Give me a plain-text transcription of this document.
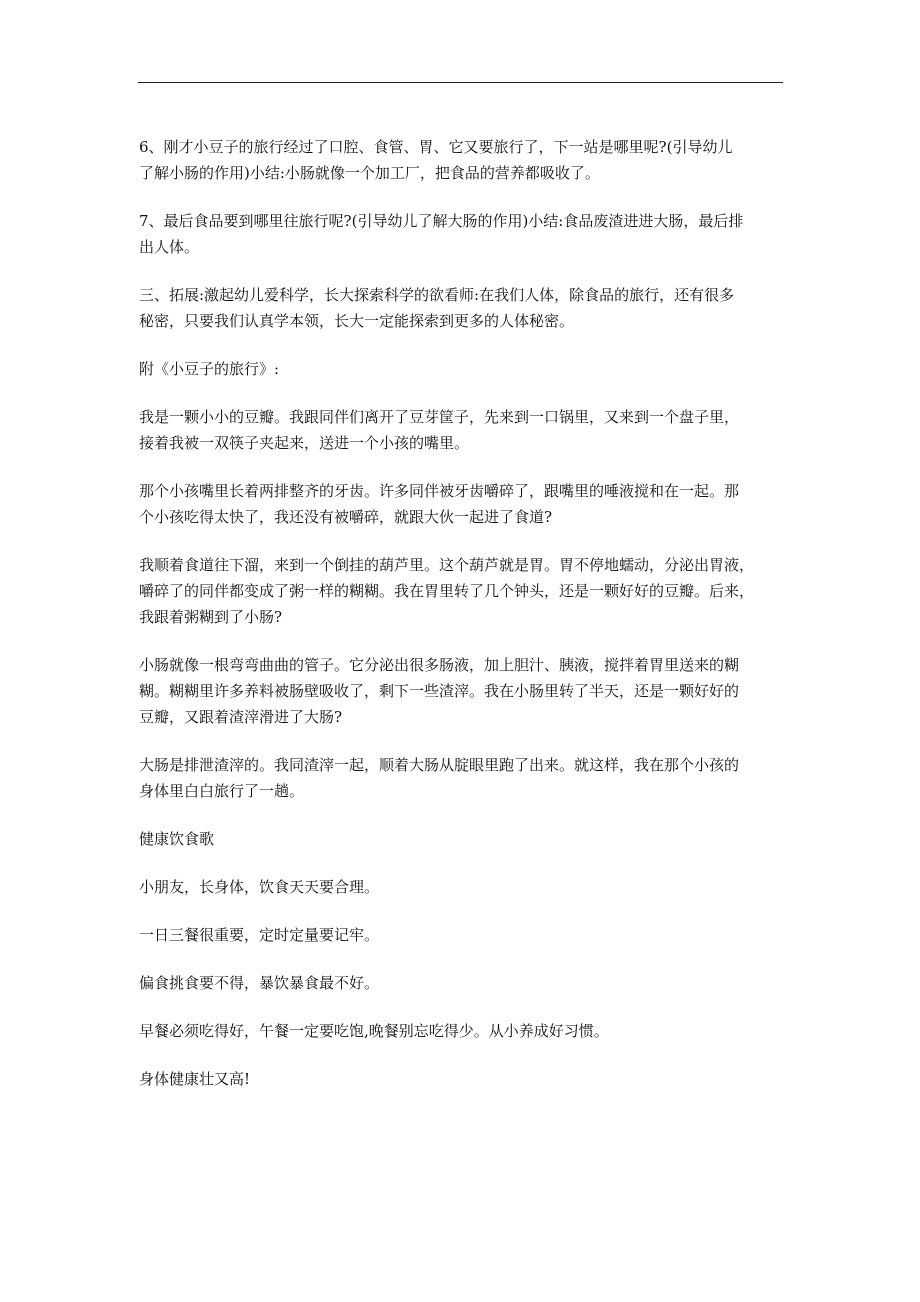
6、刚才小豆子的旅行经过了口腔、食管、胃、它又要旅行了，下一站是哪里呢?(引导幼儿
了解小肠的作用)小结:小肠就像一个加工厂，把食品的营养都吸收了。

7、最后食品要到哪里往旅行呢?(引导幼儿了解大肠的作用)小结:食品废渣进进大肠，最后排
出人体。

三、拓展:激起幼儿爱科学，长大探索科学的欲看师:在我们人体，除食品的旅行，还有很多
秘密，只要我们认真学本领，长大一定能探索到更多的人体秘密。

附《小豆子的旅行》:

我是一颗小小的豆瓣。我跟同伴们离开了豆芽筐子，先来到一口锅里，又来到一个盘子里，
接着我被一双筷子夹起来，送进一个小孩的嘴里。

那个小孩嘴里长着两排整齐的牙齿。许多同伴被牙齿嚼碎了，跟嘴里的唾液搅和在一起。那
个小孩吃得太快了，我还没有被嚼碎，就跟大伙一起进了食道?

我顺着食道往下溜，来到一个倒挂的葫芦里。这个葫芦就是胃。胃不停地蠕动，分泌出胃液，
嚼碎了的同伴都变成了粥一样的糊糊。我在胃里转了几个钟头，还是一颗好好的豆瓣。后来，
我跟着粥糊到了小肠?

小肠就像一根弯弯曲曲的管子。它分泌出很多肠液，加上胆汁、胰液，搅拌着胃里送来的糊
糊。糊糊里许多养料被肠壁吸收了，剩下一些渣滓。我在小肠里转了半天，还是一颗好好的
豆瓣，又跟着渣滓滑进了大肠?

大肠是排泄渣滓的。我同渣滓一起，顺着大肠从腚眼里跑了出来。就这样，我在那个小孩的
身体里白白旅行了一趟。

健康饮食歌

小朋友，长身体，饮食天天要合理。

一日三餐很重要，定时定量要记牢。

偏食挑食要不得，暴饮暴食最不好。

早餐必须吃得好，午餐一定要吃饱,晚餐别忘吃得少。从小养成好习惯。

身体健康壮又高!
